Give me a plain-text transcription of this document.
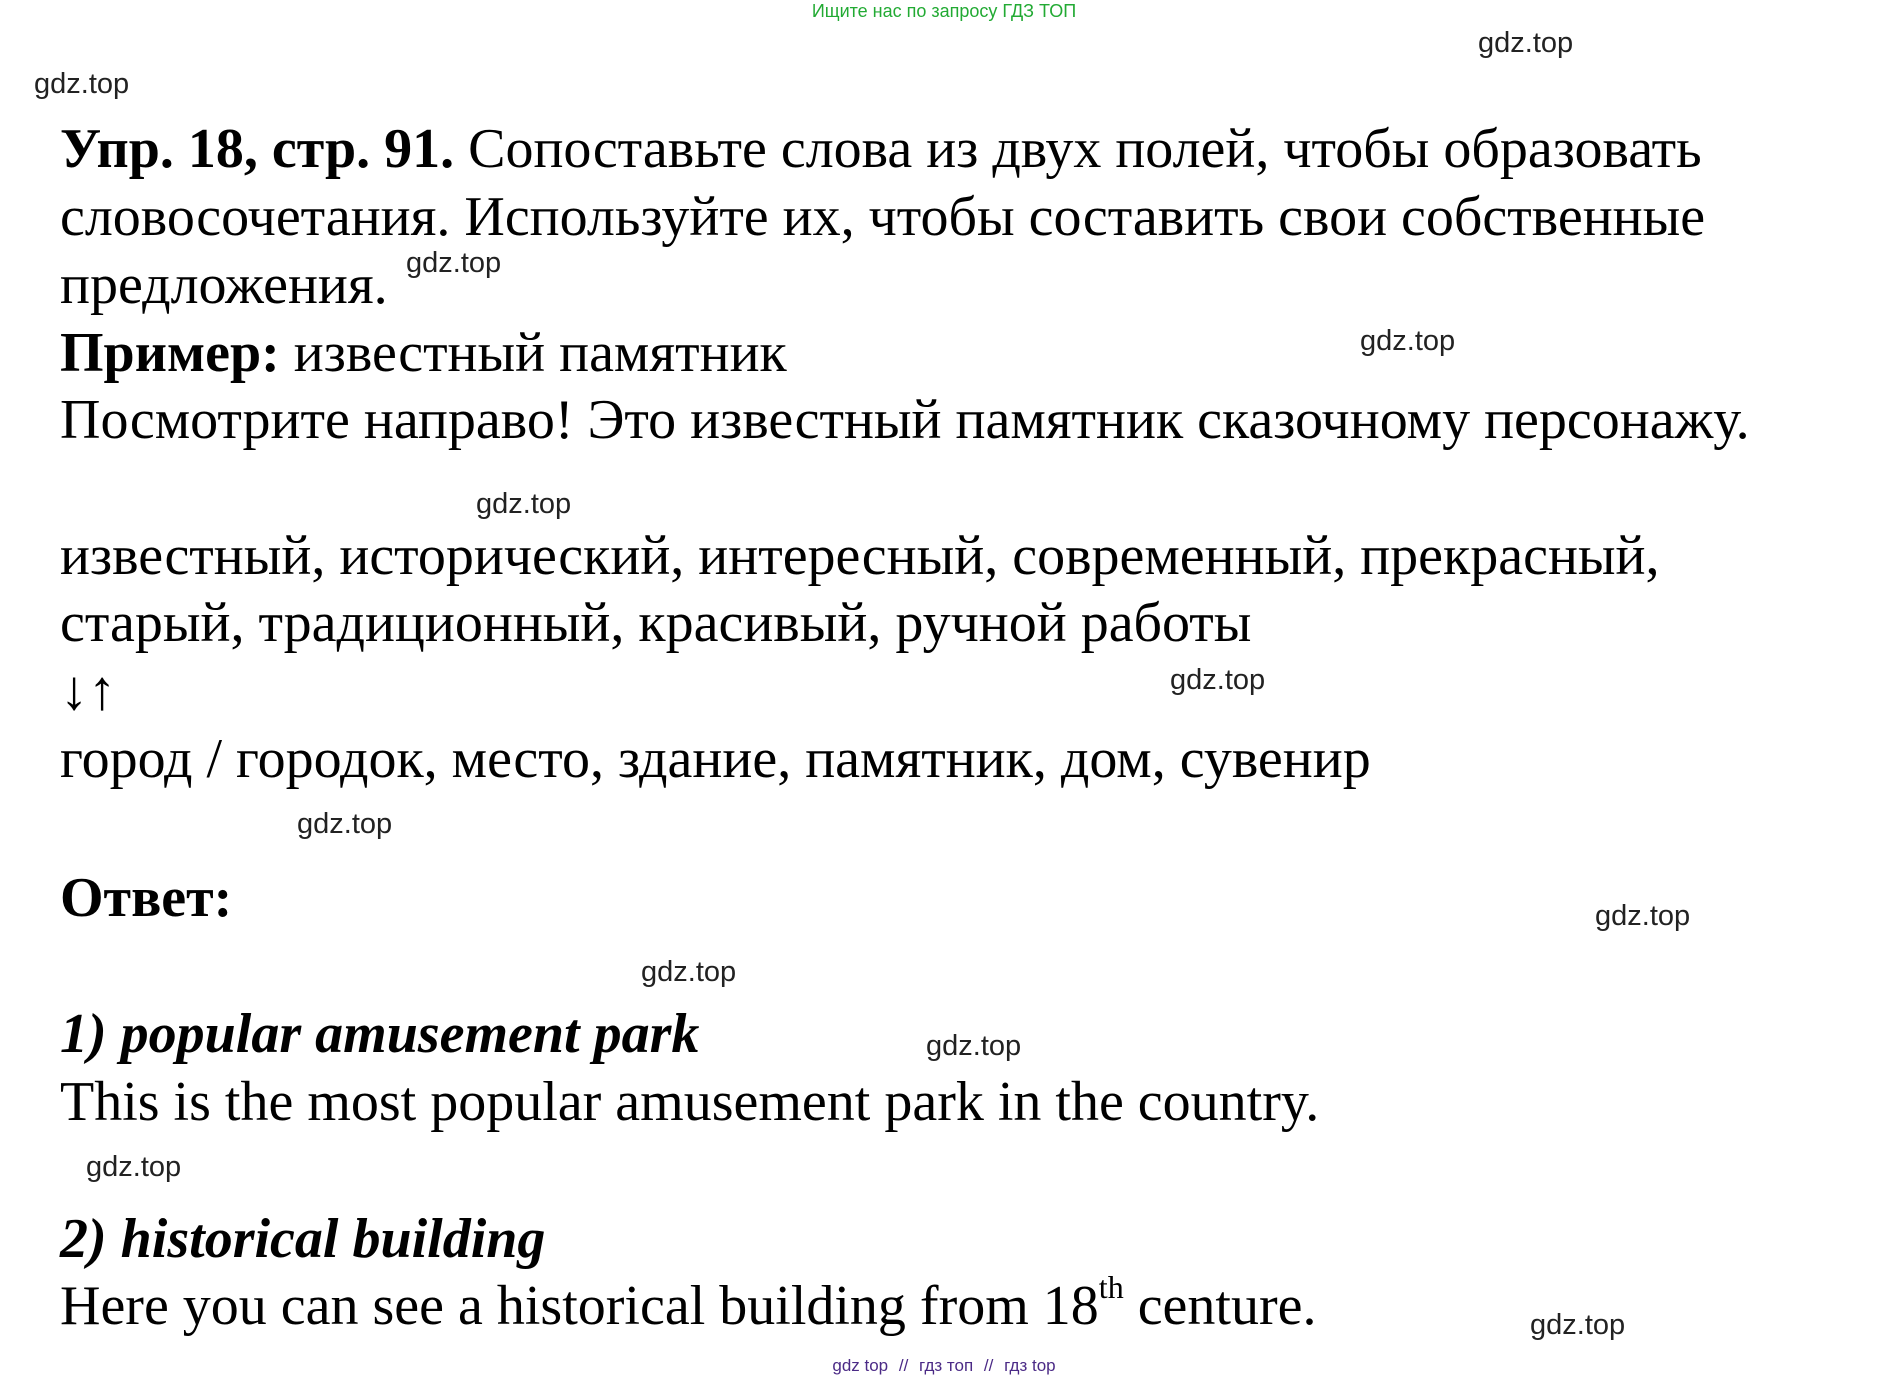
Ищите нас по запросу ГДЗ ТОП
gdz.top
gdz.top
gdz.top
gdz.top
gdz.top
gdz.top
gdz.top
gdz.top
gdz.top
gdz.top
gdz.top
gdz.top
Упр. 18, стр. 91. Сопоставьте слова из двух полей, чтобы образовать
словосочетания. Используйте их, чтобы составить свои собственные
предложения.
Пример: известный памятник
Посмотрите направо! Это известный памятник сказочному персонажу.
известный, исторический, интересный, современный, прекрасный,
старый, традиционный, красивый, ручной работы
↓↑
город / городок, место, здание, памятник, дом, сувенир
Ответ:
1) popular amusement park
This is the most popular amusement park in the country.
2) historical building
Here you can see a historical building from 18th centure.
gdz top // гдз топ // гдз top
